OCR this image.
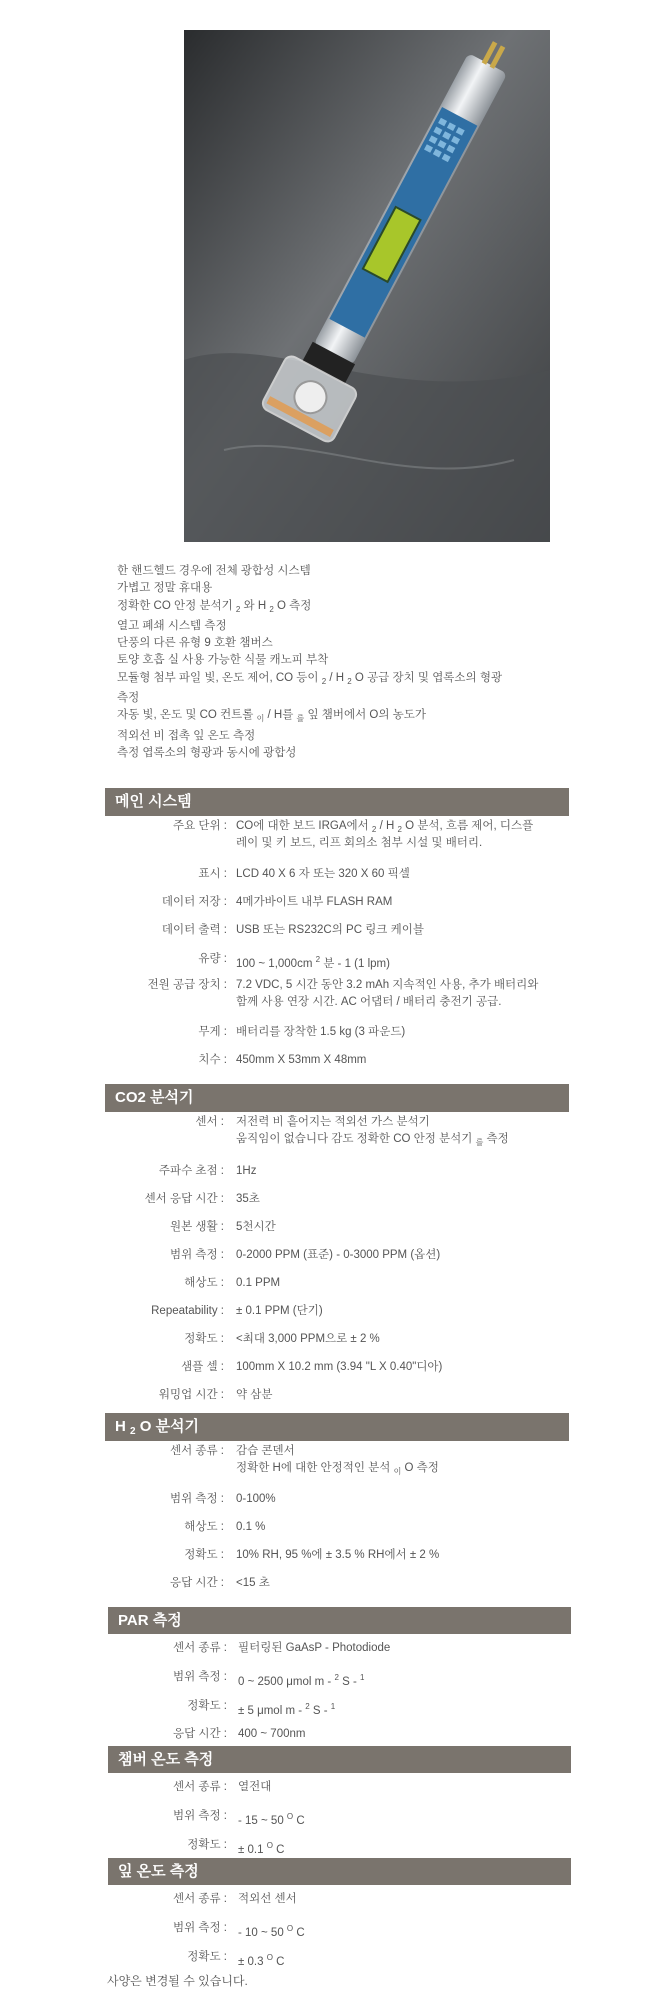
한 핸드헬드 경우에 전체 광합성 시스템
가볍고 정말 휴대용
정확한 CO 안정 분석기 $_2$ 와 H $_2$ O 측정
열고 폐쇄 시스템 측정
단풍의 다른 유형 9 호환 챔버스
토양 호흡 실 사용 가능한 식물 캐노피 부착
모듈형 첨부 파일 빛, 온도 제어, CO 등이 $_2$ / H $_2$ O 공급 장치 및 엽록소의 형광
측정
자동 빛, 온도 및 CO 컨트롤 $_이$ / H를 $_를$ 잎 챔버에서 O의 농도가
적외선 비 접촉 잎 온도 측정
측정 엽록소의 형광과 동시에 광합성
메인 시스템
주요 단위 : CO에 대한 보드 IRGA에서 $_2$ / H $_2$ O 분석, 흐름 제어, 디스플
레이 및 키 보드, 리프 회의소 첨부 시설 및 배터리.
표시 : LCD 40 X 6 자 또는 320 X 60 픽셀
데이터 저장 : 4메가바이트 내부 FLASH RAM
데이터 출력 : USB 또는 RS232C의 PC 링크 케이블
유량 : 100 ~ 1,000cm $^2$ 분 - 1 (1 lpm)
전원 공급 장치 : 7.2 VDC, 5 시간 동안 3.2 mAh 지속적인 사용, 추가 배터리와
함께 사용 연장 시간. AC 어댑터 / 배터리 충전기 공급.
무게 : 배터리를 장착한 1.5 kg (3 파운드)
치수 : 450mm X 53mm X 48mm
CO2 분석기
센서 : 저전력 비 흩어지는 적외선 가스 분석기
움직임이 없습니다 감도 정확한 CO 안정 분석기 $_를$ 측정
주파수 초점 : 1Hz
센서 응답 시간 : 35초
원본 생활 : 5천시간
범위 측정 : 0-2000 PPM (표준) - 0-3000 PPM (옵션)
해상도 : 0.1 PPM
Repeatability : ± 0.1 PPM (단기)
정확도 : <최대 3,000 PPM으로 ± 2 %
샘플 셀 : 100mm X 10.2 mm (3.94 "L X 0.40"디아)
워밍업 시간 : 약 삼분
H $_2$ O 분석기
센서 종류 : 감습 콘덴서
정확한 H에 대한 안정적인 분석 $_이$ O 측정
범위 측정 : 0-100%
해상도 : 0.1 %
정확도 : 10% RH, 95 %에 ± 3.5 % RH에서 ± 2 %
응답 시간 : <15 초
PAR 측정
센서 종류 : 필터링된 GaAsP - Photodiode
범위 측정 : 0 ~ 2500 μmol m - $^2$ S - $^1$
정확도 : ± 5 μmol m - $^2$ S - $^1$
응답 시간 : 400 ~ 700nm
챔버 온도 측정
센서 종류 : 열전대
범위 측정 : - 15 ~ 50 $^O$ C
정확도 : ± 0.1 $^O$ C
잎 온도 측정
센서 종류 : 적외선 센서
범위 측정 : - 10 ~ 50 $^O$ C
정확도 : ± 0.3 $^O$ C
사양은 변경될 수 있습니다.
